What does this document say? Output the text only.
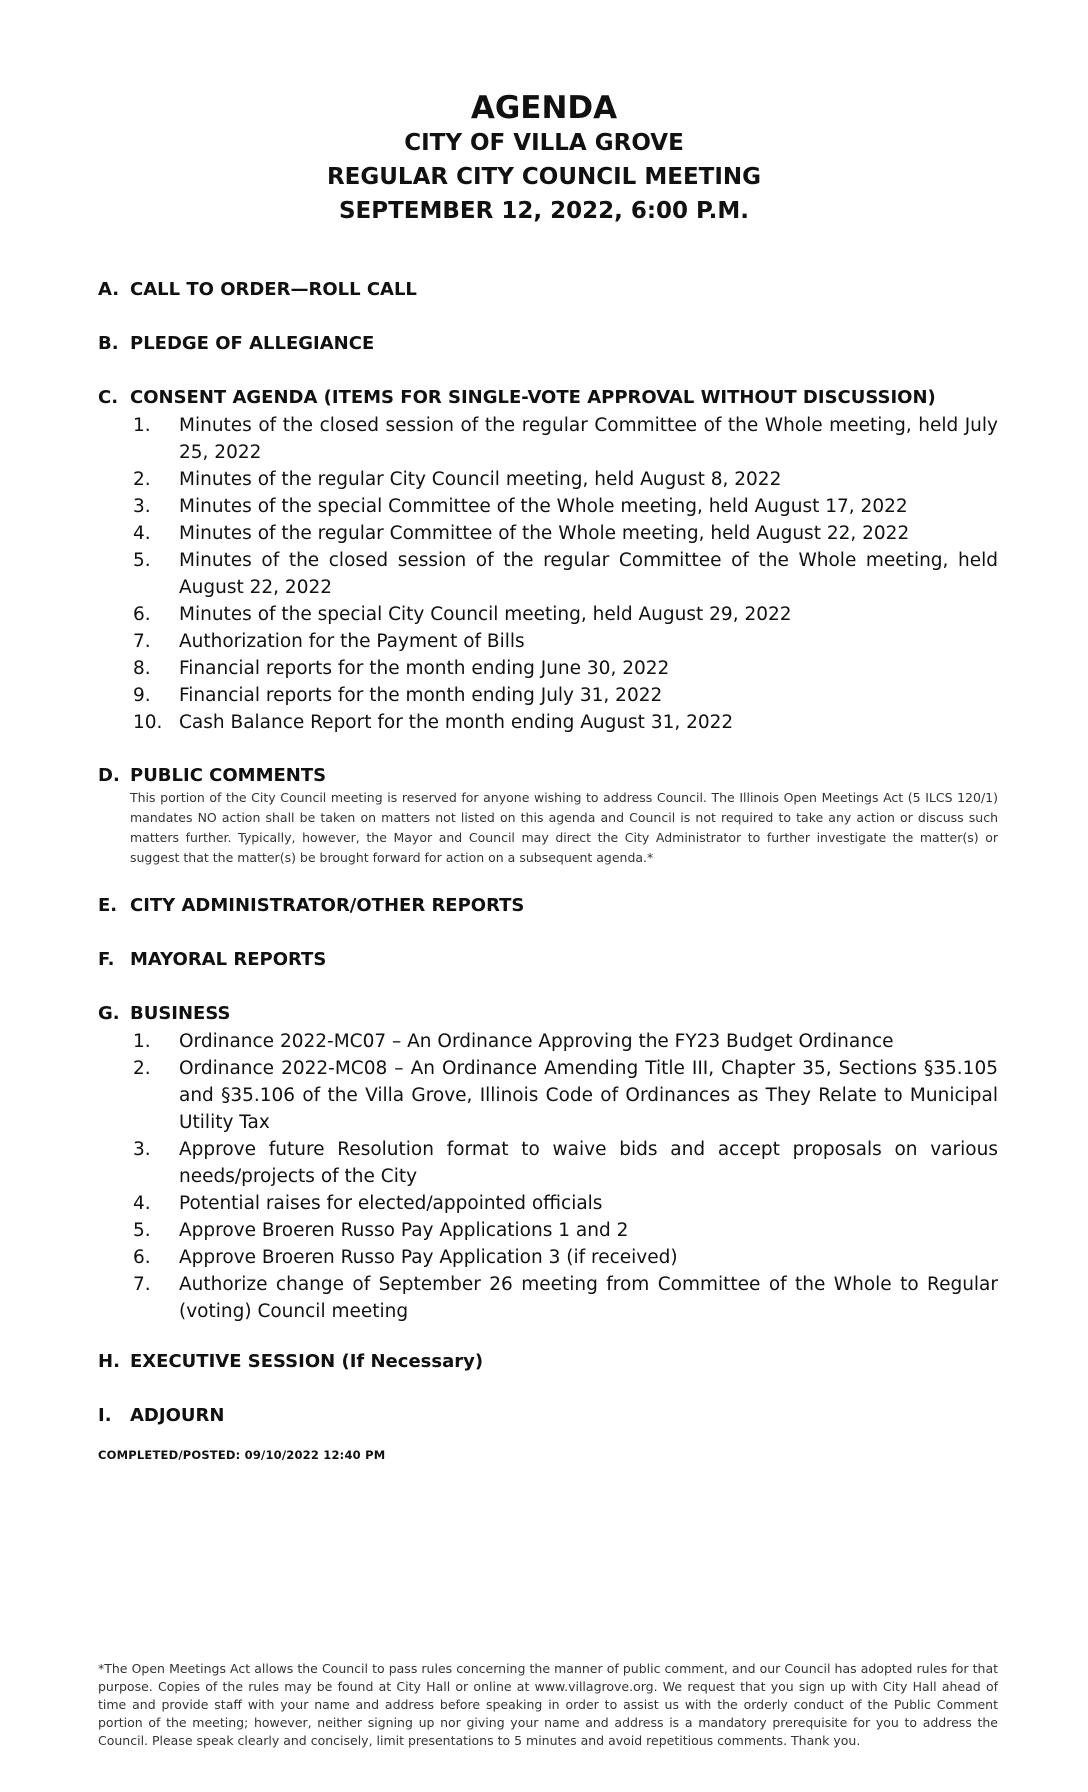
AGENDA
CITY OF VILLA GROVE
REGULAR CITY COUNCIL MEETING
SEPTEMBER 12, 2022, 6:00 P.M.
A. CALL TO ORDER—ROLL CALL
B. PLEDGE OF ALLEGIANCE
C. CONSENT AGENDA (ITEMS FOR SINGLE-VOTE APPROVAL WITHOUT DISCUSSION)
1.	Minutes of the closed session of the regular Committee of the Whole meeting, held July 25, 2022
2.	Minutes of the regular City Council meeting, held August 8, 2022
3.	Minutes of the special Committee of the Whole meeting, held August 17, 2022
4.	Minutes of the regular Committee of the Whole meeting, held August 22, 2022
5.	Minutes of the closed session of the regular Committee of the Whole meeting, held August 22, 2022
6.	Minutes of the special City Council meeting, held August 29, 2022
7.	Authorization for the Payment of Bills
8.	Financial reports for the month ending June 30, 2022
9.	Financial reports for the month ending July 31, 2022
10. Cash Balance Report for the month ending August 31, 2022
D. PUBLIC COMMENTS
This portion of the City Council meeting is reserved for anyone wishing to address Council. The Illinois Open Meetings Act (5 ILCS 120/1) mandates NO action shall be taken on matters not listed on this agenda and Council is not required to take any action or discuss such matters further. Typically, however, the Mayor and Council may direct the City Administrator to further investigate the matter(s) or suggest that the matter(s) be brought forward for action on a subsequent agenda.*
E. CITY ADMINISTRATOR/OTHER REPORTS
F. MAYORAL REPORTS
G. BUSINESS
1.	Ordinance 2022-MC07 – An Ordinance Approving the FY23 Budget Ordinance
2.	Ordinance 2022-MC08 – An Ordinance Amending Title III, Chapter 35, Sections §35.105 and §35.106 of the Villa Grove, Illinois Code of Ordinances as They Relate to Municipal Utility Tax
3.	Approve future Resolution format to waive bids and accept proposals on various needs/projects of the City
4.	Potential raises for elected/appointed officials
5.	Approve Broeren Russo Pay Applications 1 and 2
6.	Approve Broeren Russo Pay Application 3 (if received)
7.	Authorize change of September 26 meeting from Committee of the Whole to Regular (voting) Council meeting
H. EXECUTIVE SESSION (If Necessary)
I.	ADJOURN
COMPLETED/POSTED: 09/10/2022 12:40 PM
*The Open Meetings Act allows the Council to pass rules concerning the manner of public comment, and our Council has adopted rules for that purpose. Copies of the rules may be found at City Hall or online at www.villagrove.org. We request that you sign up with City Hall ahead of time and provide staff with your name and address before speaking in order to assist us with the orderly conduct of the Public Comment portion of the meeting; however, neither signing up nor giving your name and address is a mandatory prerequisite for you to address the Council. Please speak clearly and concisely, limit presentations to 5 minutes and avoid repetitious comments. Thank you.
